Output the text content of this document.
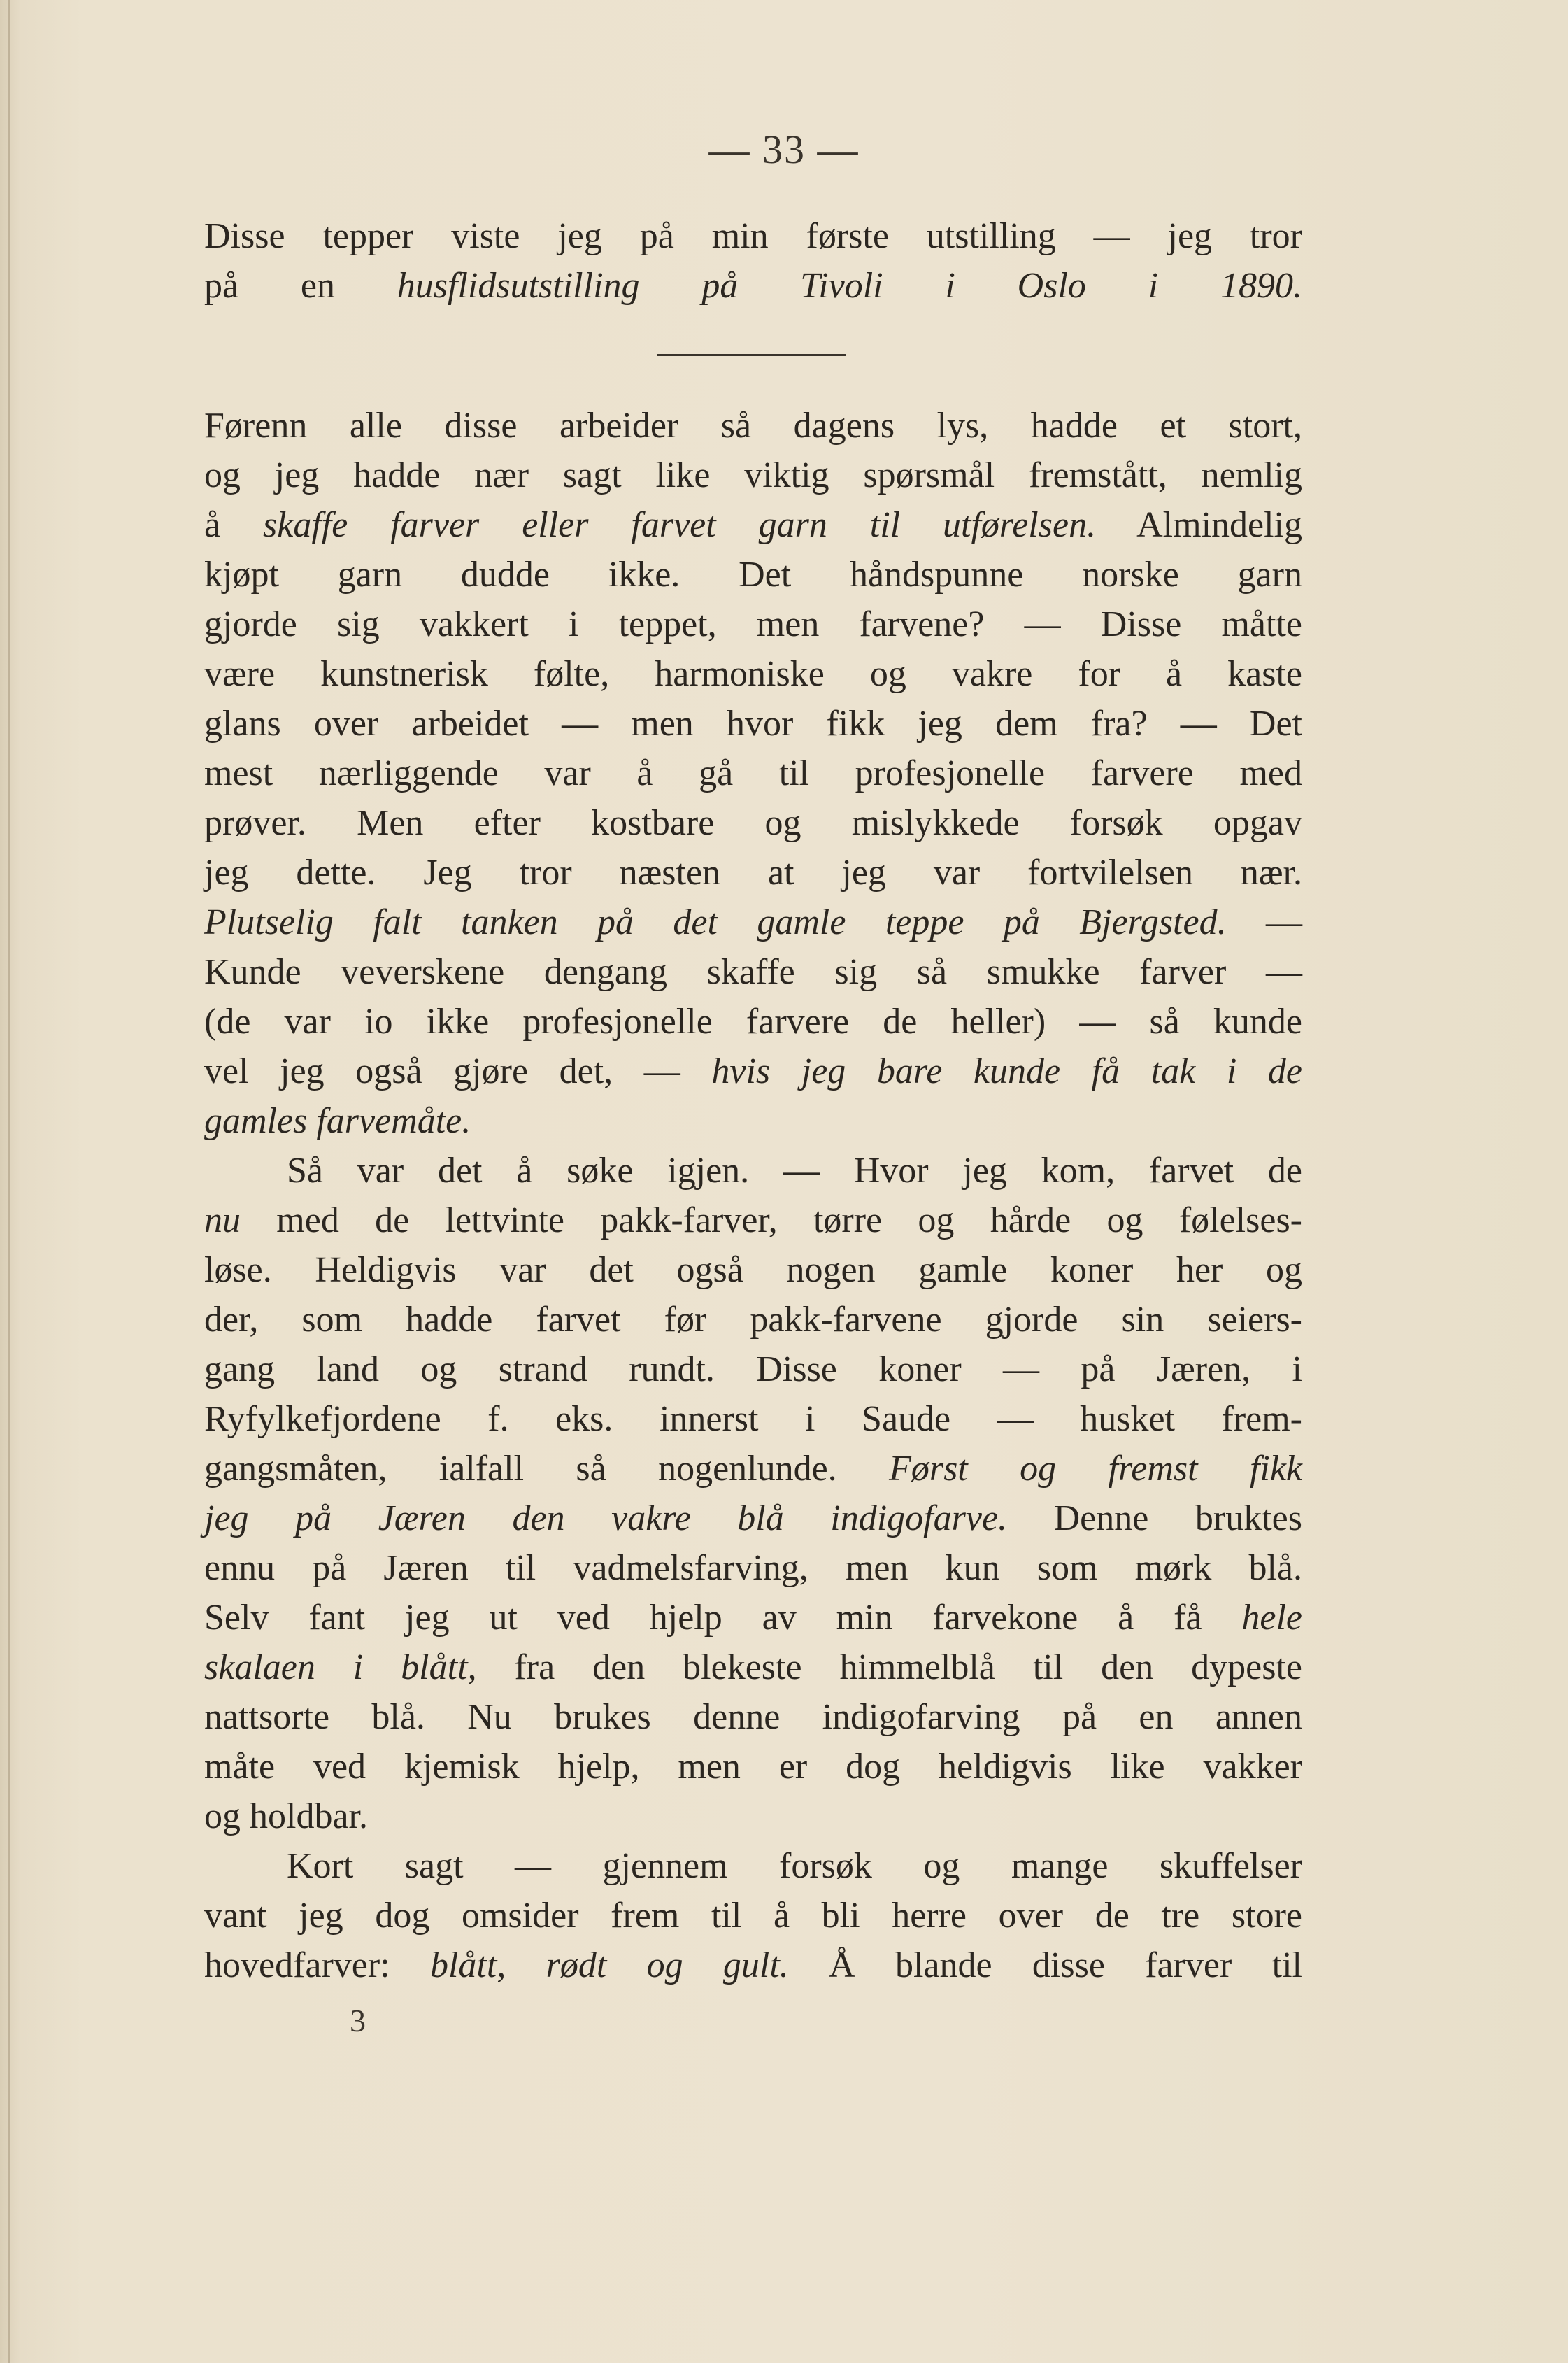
— 33 —
Disse tepper viste jeg på min første utstilling — jeg tror
på en husflidsutstilling på Tivoli i Oslo i 1890.
Førenn alle disse arbeider så dagens lys, hadde et stort,
og jeg hadde nær sagt like viktig spørsmål fremstått, nemlig
å skaffe farver eller farvet garn til utførelsen. Almindelig
kjøpt garn dudde ikke. Det håndspunne norske garn
gjorde sig vakkert i teppet, men farvene? — Disse måtte
være kunstnerisk følte, harmoniske og vakre for å kaste
glans over arbeidet — men hvor fikk jeg dem fra? — Det
mest nærliggende var å gå til profesjonelle farvere med
prøver. Men efter kostbare og mislykkede forsøk opgav
jeg dette. Jeg tror næsten at jeg var fortvilelsen nær.
Plutselig falt tanken på det gamle teppe på Bjergsted. —
Kunde veverskene dengang skaffe sig så smukke farver —
(de var io ikke profesjonelle farvere de heller) — så kunde
vel jeg også gjøre det, — hvis jeg bare kunde få tak i de
gamles farvemåte.
Så var det å søke igjen. — Hvor jeg kom, farvet de
nu med de lettvinte pakk-farver, tørre og hårde og følelses-
løse. Heldigvis var det også nogen gamle koner her og
der, som hadde farvet før pakk-farvene gjorde sin seiers-
gang land og strand rundt. Disse koner — på Jæren, i
Ryfylkefjordene f. eks. innerst i Saude — husket frem-
gangsmåten, ialfall så nogenlunde. Først og fremst fikk
jeg på Jæren den vakre blå indigofarve. Denne bruktes
ennu på Jæren til vadmelsfarving, men kun som mørk blå.
Selv fant jeg ut ved hjelp av min farvekone å få hele
skalaen i blått, fra den blekeste himmelblå til den dypeste
nattsorte blå. Nu brukes denne indigofarving på en annen
måte ved kjemisk hjelp, men er dog heldigvis like vakker
og holdbar.
Kort sagt — gjennem forsøk og mange skuffelser
vant jeg dog omsider frem til å bli herre over de tre store
hovedfarver: blått, rødt og gult. Å blande disse farver til
3
